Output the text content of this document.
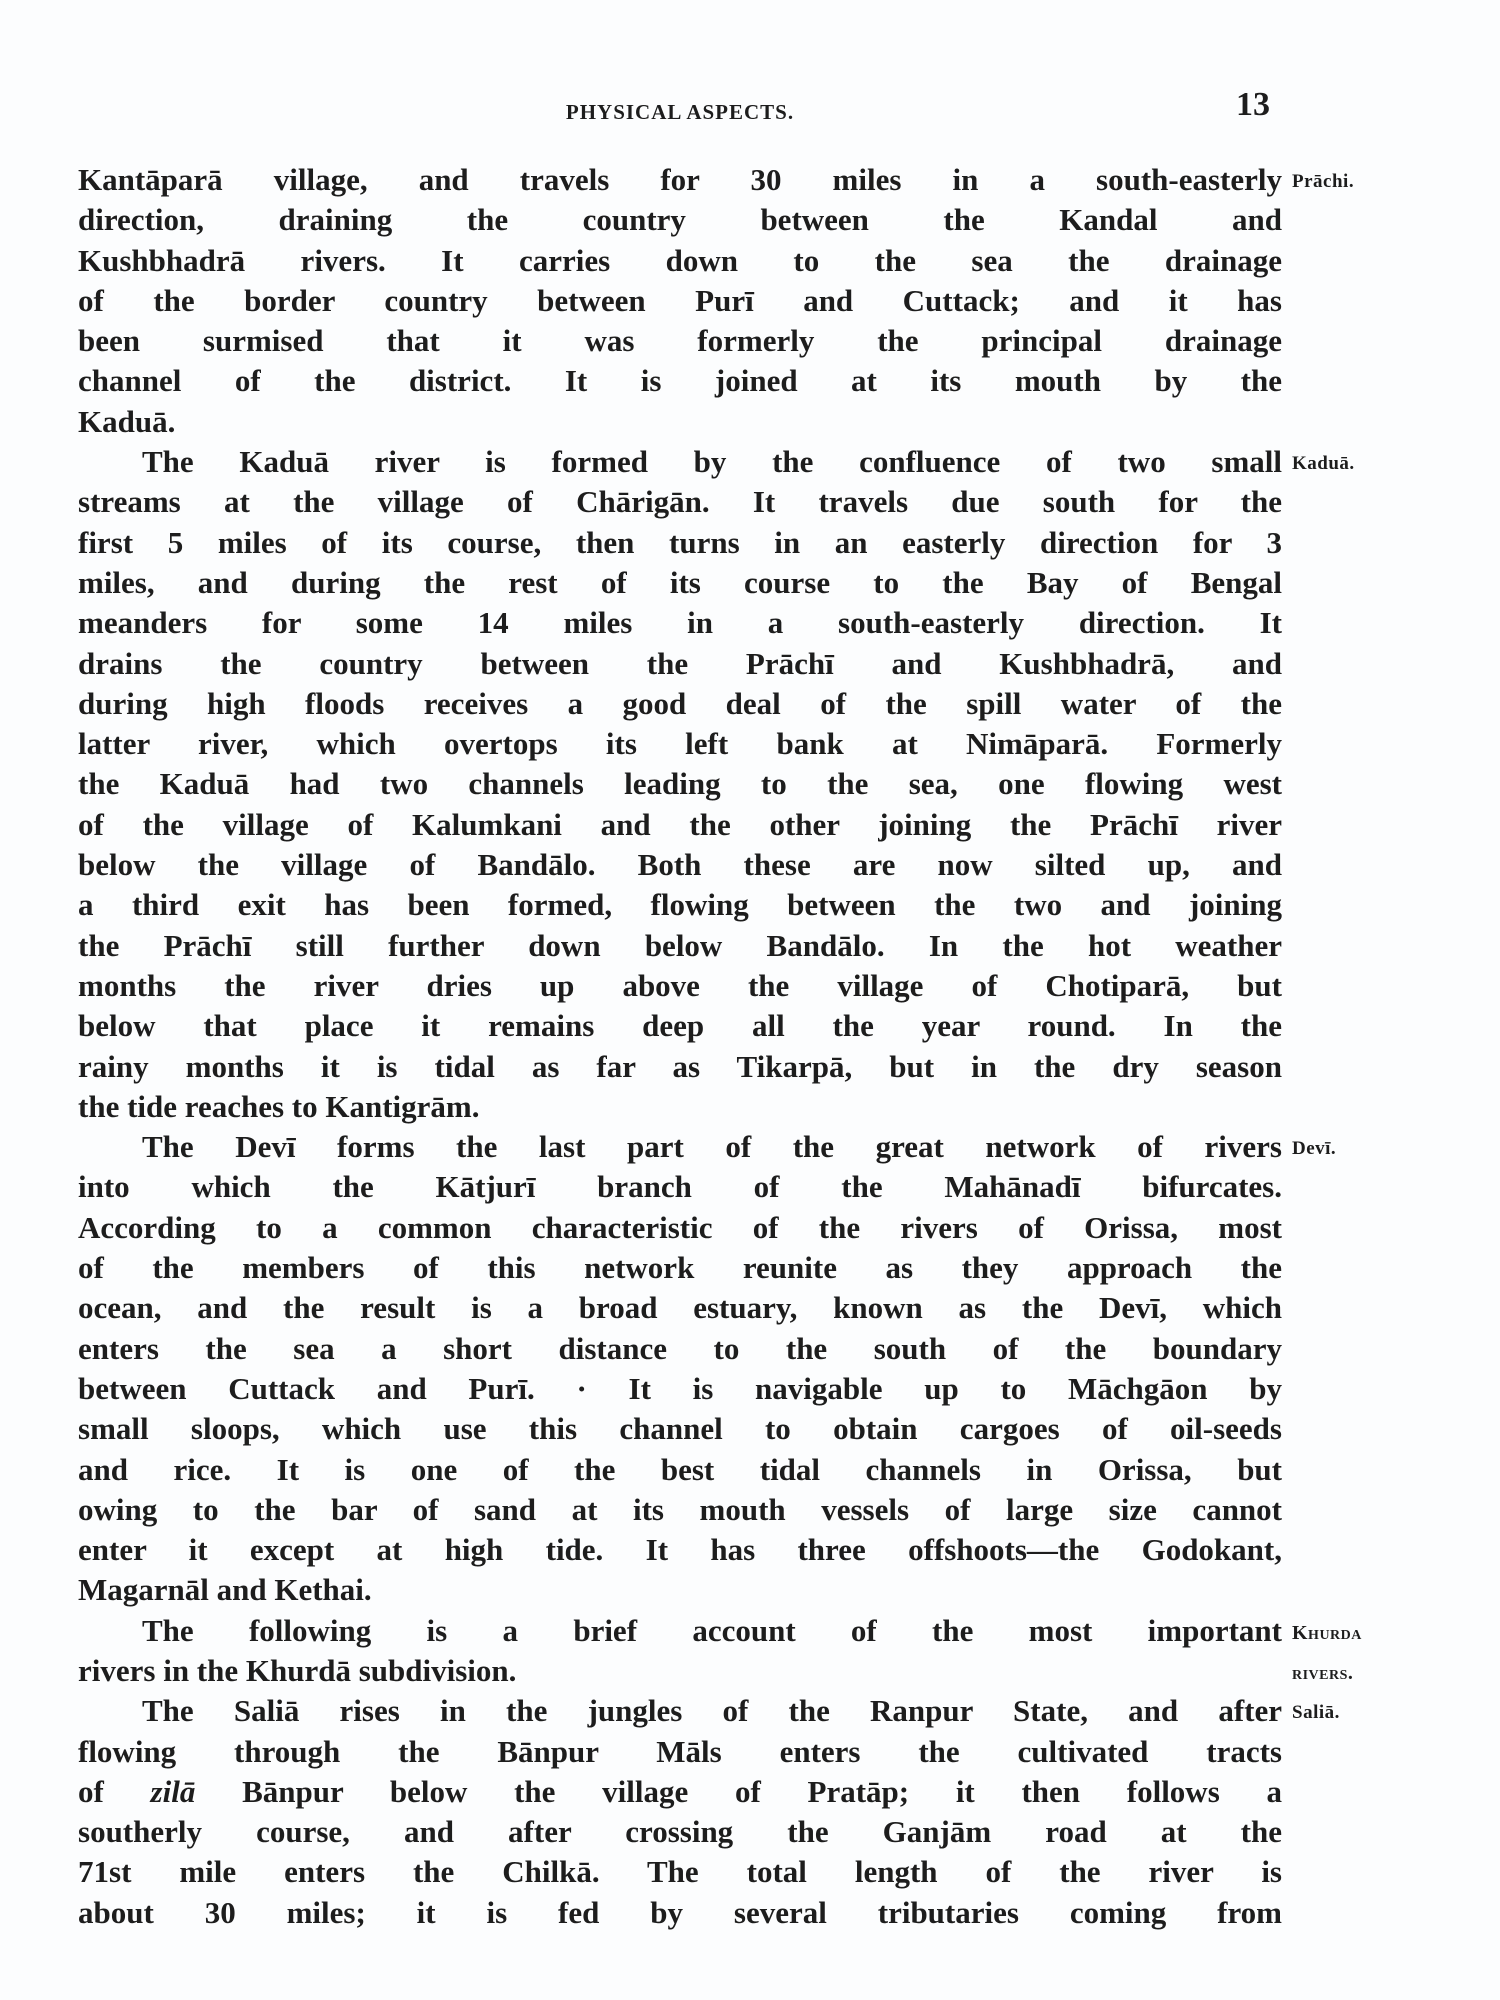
PHYSICAL ASPECTS.	13
Kantāparā village, and travels for 30 miles in a south-easterly Prāchi.
direction, draining the country between the Kandal and
Kushbhadrā rivers. It carries down to the sea the drainage
of the border country between Purī and Cuttack; and it has
been surmised that it was formerly the principal drainage
channel of the district. It is joined at its mouth by the
Kaduā.
The Kaduā river is formed by the confluence of two small Kaduā.
streams at the village of Chārigān. It travels due south for the
first 5 miles of its course, then turns in an easterly direction for 3
miles, and during the rest of its course to the Bay of Bengal
meanders for some 14 miles in a south-easterly direction. It
drains the country between the Prāchī and Kushbhadrā, and
during high floods receives a good deal of the spill water of the
latter river, which overtops its left bank at Nimāparā. Formerly
the Kaduā had two channels leading to the sea, one flowing west
of the village of Kalumkani and the other joining the Prāchī river
below the village of Bandālo. Both these are now silted up, and
a third exit has been formed, flowing between the two and joining
the Prāchī still further down below Bandālo. In the hot weather
months the river dries up above the village of Chotiparā, but
below that place it remains deep all the year round. In the
rainy months it is tidal as far as Tikarpā, but in the dry season
the tide reaches to Kantigrām.
The Devī forms the last part of the great network of rivers Devī.
into which the Kātjurī branch of the Mahānadī bifurcates.
According to a common characteristic of the rivers of Orissa, most
of the members of this network reunite as they approach the
ocean, and the result is a broad estuary, known as the Devī, which
enters the sea a short distance to the south of the boundary
between Cuttack and Purī. · It is navigable up to Māchgāon by
small sloops, which use this channel to obtain cargoes of oil-seeds
and rice. It is one of the best tidal channels in Orissa, but
owing to the bar of sand at its mouth vessels of large size cannot
enter it except at high tide. It has three offshoots—the Godokant,
Magarnāl and Kethai.
The following is a brief account of the most important Khurda
rivers in the Khurdā subdivision.	rivers.
The Saliā rises in the jungles of the Ranpur State, and after Saliā.
flowing through the Bānpur Māls enters the cultivated tracts
of zilā Bānpur below the village of Pratāp; it then follows a
southerly course, and after crossing the Ganjām road at the
71st mile enters the Chilkā. The total length of the river is
about 30 miles; it is fed by several tributaries coming from
